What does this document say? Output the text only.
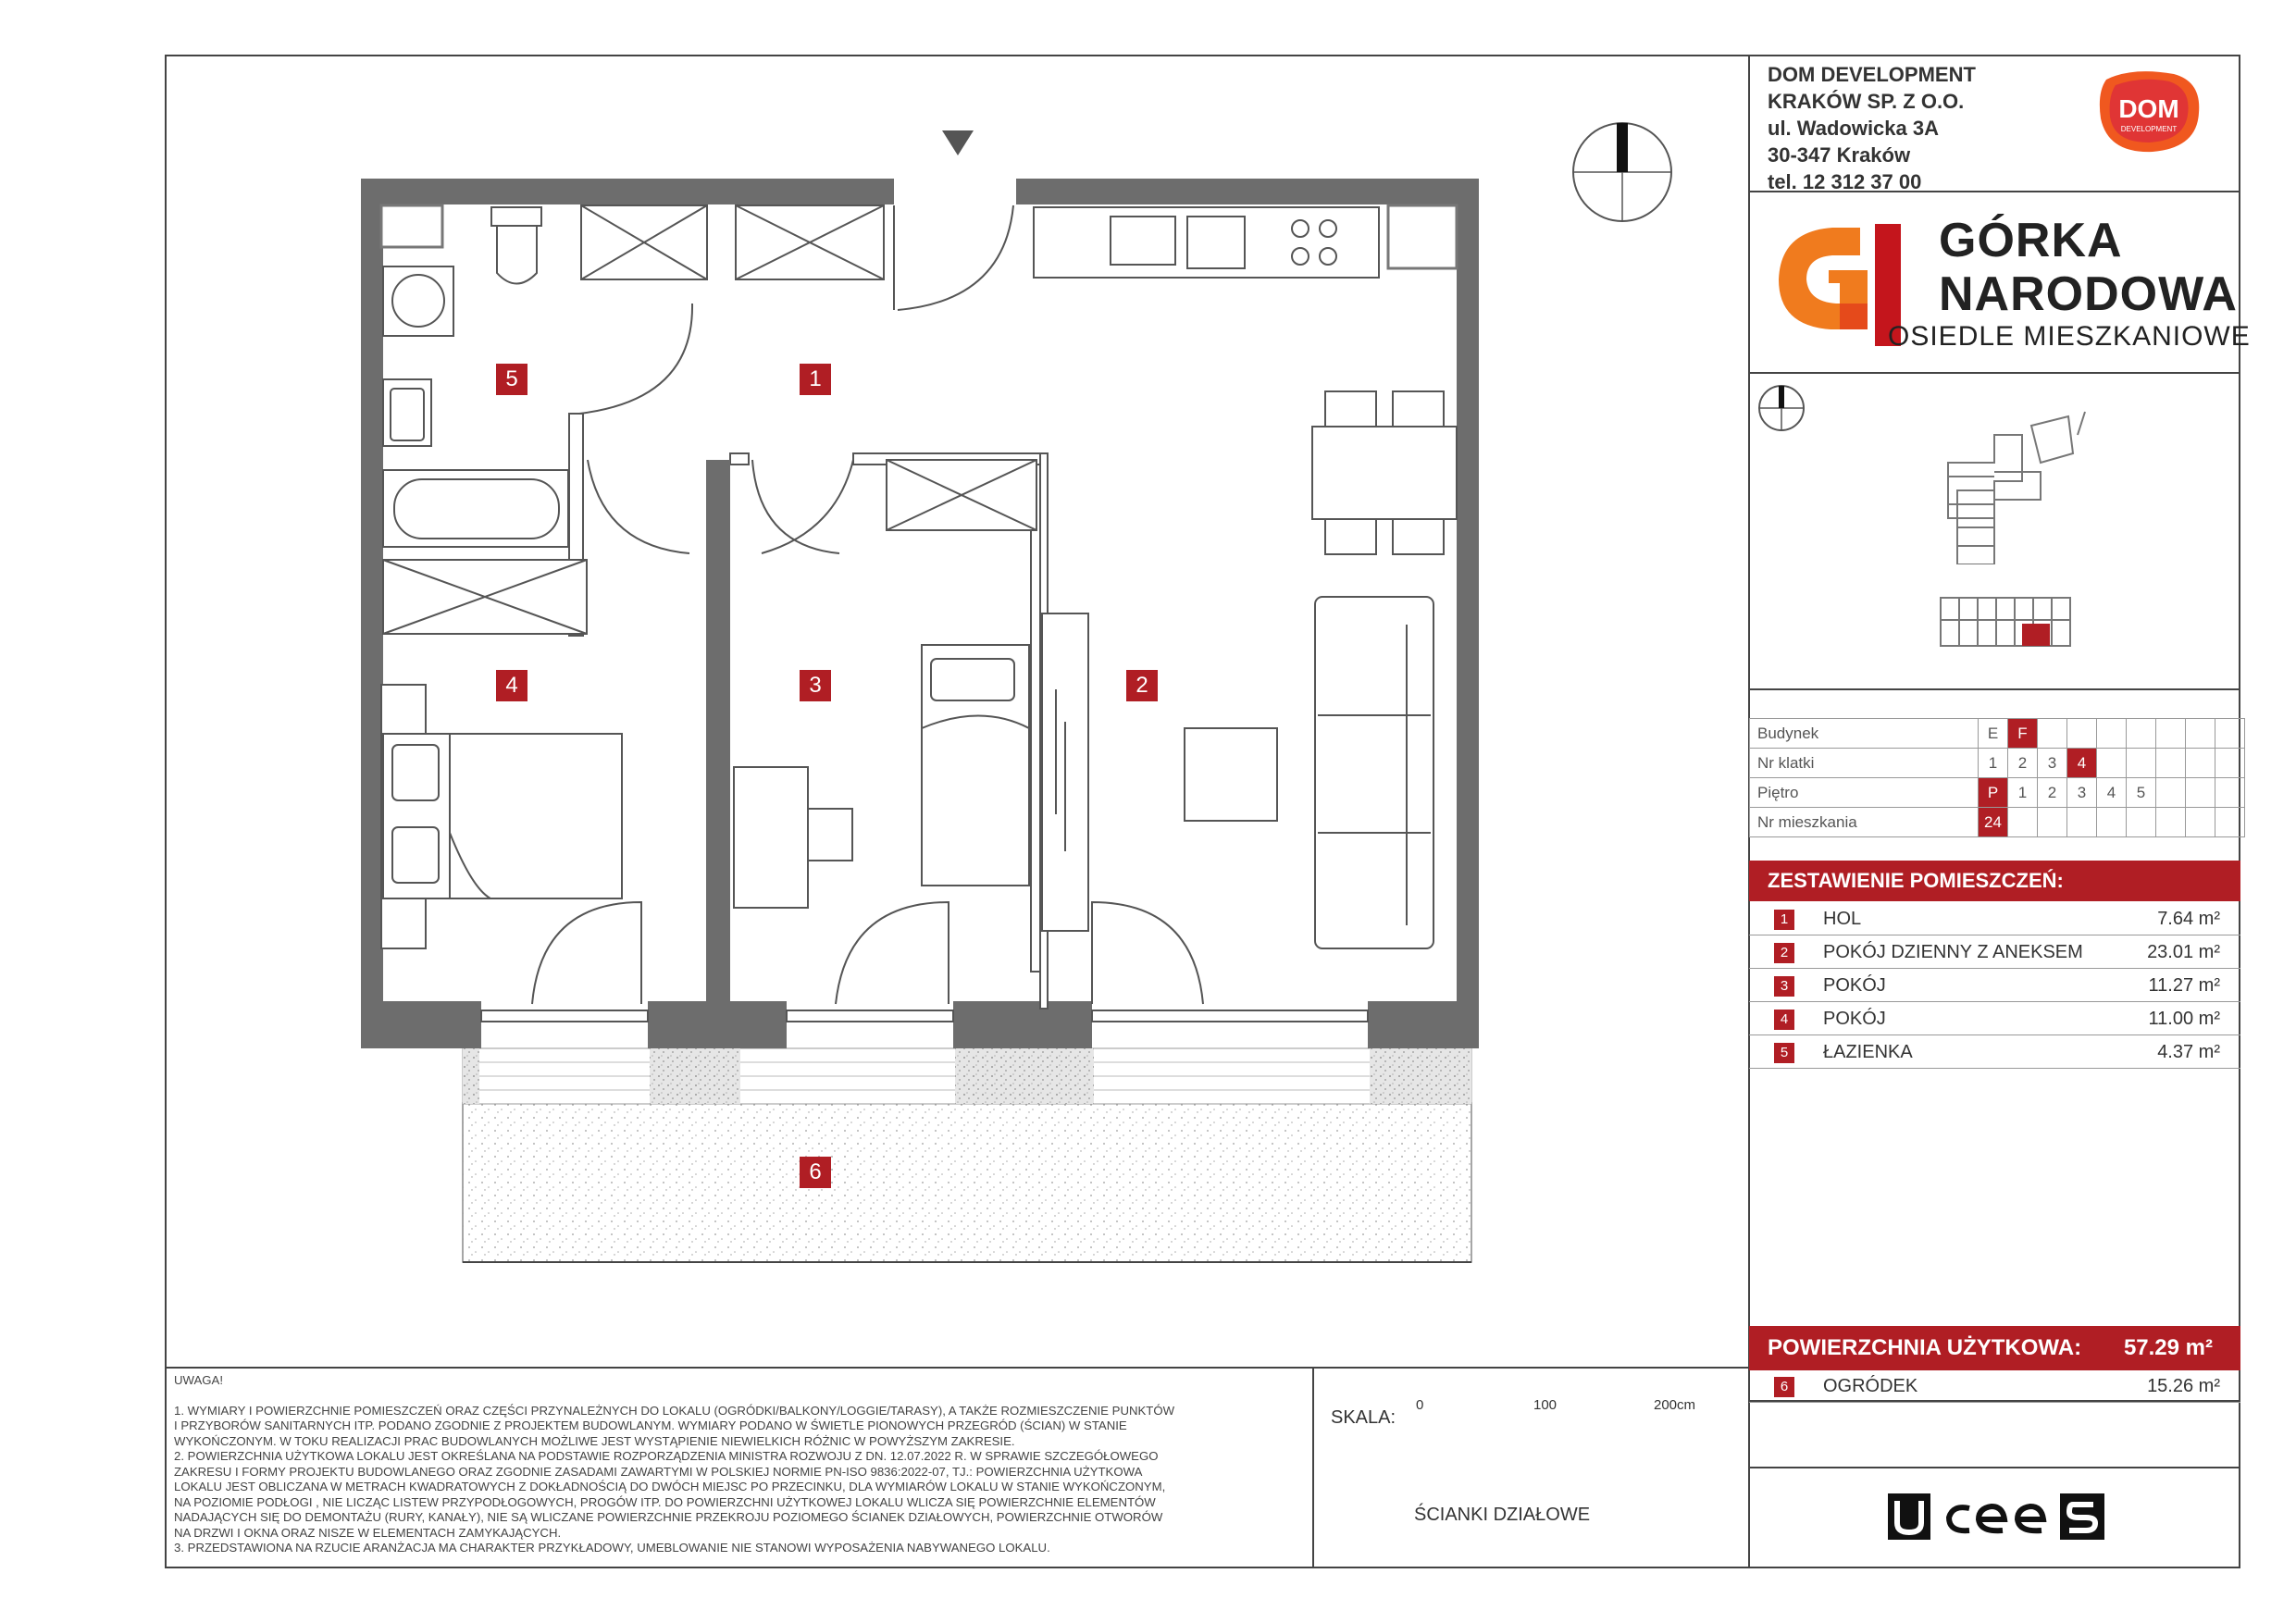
1
2
3
4
5
6
DOM DEVELOPMENT
KRAKÓW SP. Z O.O.
ul. Wadowicka 3A
30-347 Kraków
tel. 12 312 37 00
DOM
DEVELOPMENT
GÓRKA
NARODOWA
OSIEDLE MIESZKANIOWE
Budynek	E	F							
Nr klatki	1	2	3	4					
Piętro	P	1	2	3	4	5			
Nr mieszkania	24								
ZESTAWIENIE POMIESZCZEŃ:
1	HOL	7.64 m²
2	POKÓJ DZIENNY Z ANEKSEM	23.01 m²
3	POKÓJ	11.27 m²
4	POKÓJ	11.00 m²
5	ŁAZIENKA	4.37 m²
POWIERZCHNIA UŻYTKOWA: 57.29 m²
6	OGRÓDEK	15.26 m²

UWAGA!

1. WYMIARY I POWIERZCHNIE POMIESZCZEŃ ORAZ CZĘŚCI PRZYNALEŻNYCH DO LOKALU (OGRÓDKI/BALKONY/LOGGIE/TARASY), A TAKŻE ROZMIESZCZENIE PUNKTÓW

I PRZYBORÓW SANITARNYCH ITP. PODANO ZGODNIE Z PROJEKTEM BUDOWLANYM. WYMIARY PODANO W ŚWIETLE PIONOWYCH PRZEGRÓD (ŚCIAN) W STANIE

WYKOŃCZONYM. W TOKU REALIZACJI PRAC BUDOWLANYCH MOŻLIWE JEST WYSTĄPIENIE NIEWIELKICH RÓŻNIC W POWYŻSZYM ZAKRESIE.

2. POWIERZCHNIA UŻYTKOWA LOKALU JEST OKREŚLANA NA PODSTAWIE ROZPORZĄDZENIA MINISTRA ROZWOJU Z DN. 12.07.2022 R. W SPRAWIE SZCZEGÓŁOWEGO

ZAKRESU I FORMY PROJEKTU BUDOWLANEGO ORAZ ZGODNIE ZASADAMI ZAWARTYMI W POLSKIEJ NORMIE PN-ISO 9836:2022-07, TJ.: POWIERZCHNIA UŻYTKOWA

LOKALU JEST OBLICZANA W METRACH KWADRATOWYCH Z DOKŁADNOŚCIĄ DO DWÓCH MIEJSC PO PRZECINKU, DLA WYMIARÓW LOKALU W STANIE WYKOŃCZONYM,

NA POZIOMIE PODŁOGI , NIE LICZĄC LISTEW PRZYPODŁOGOWYCH, PROGÓW ITP. DO POWIERZCHNI UŻYTKOWEJ LOKALU WLICZA SIĘ POWIERZCHNIE ELEMENTÓW

NADAJĄCYCH SIĘ DO DEMONTAŻU (RURY, KANAŁY), NIE SĄ WLICZANE POWIERZCHNIE PRZEKROJU POZIOMEGO ŚCIANEK DZIAŁOWYCH, POWIERZCHNIE OTWORÓW

NA DRZWI I OKNA ORAZ NISZE W ELEMENTACH ZAMYKAJĄCYCH.

3. PRZEDSTAWIONA NA RZUCIE ARANŻACJA MA CHARAKTER PRZYKŁADOWY, UMEBLOWANIE NIE STANOWI WYPOSAŻENIA NABYWANEGO LOKALU.

SKALA:
0	100	200cm
ŚCIANKI DZIAŁOWE
